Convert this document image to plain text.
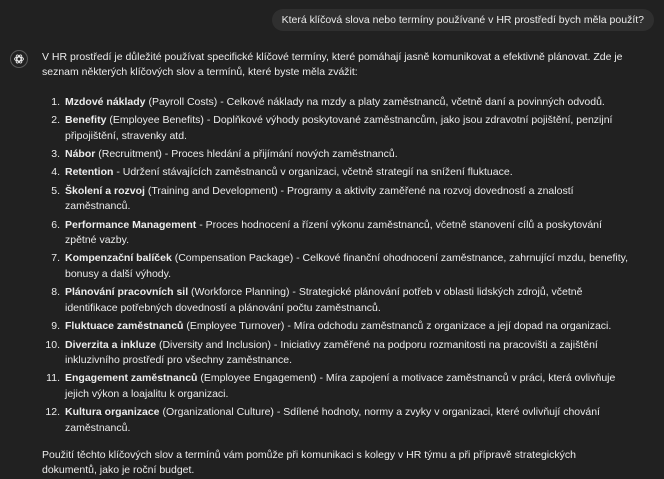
Která klíčová slova nebo termíny používané v HR prostředí bych měla použít?

V HR prostředí je důležité používat specifické klíčové termíny, které pomáhají jasně komunikovat a efektivně plánovat. Zde je seznam některých klíčových slov a termínů, které byste měla zvážit:

1. Mzdové náklady (Payroll Costs) - Celkové náklady na mzdy a platy zaměstnanců, včetně daní a povinných odvodů.
2. Benefity (Employee Benefits) - Doplňkové výhody poskytované zaměstnancům, jako jsou zdravotní pojištění, penzijní připojištění, stravenky atd.
3. Nábor (Recruitment) - Proces hledání a přijímání nových zaměstnanců.
4. Retention - Udržení stávajících zaměstnanců v organizaci, včetně strategií na snížení fluktuace.
5. Školení a rozvoj (Training and Development) - Programy a aktivity zaměřené na rozvoj dovedností a znalostí zaměstnanců.
6. Performance Management - Proces hodnocení a řízení výkonu zaměstnanců, včetně stanovení cílů a poskytování zpětné vazby.
7. Kompenzační balíček (Compensation Package) - Celkové finanční ohodnocení zaměstnance, zahrnující mzdu, benefity, bonusy a další výhody.
8. Plánování pracovních sil (Workforce Planning) - Strategické plánování potřeb v oblasti lidských zdrojů, včetně identifikace potřebných dovedností a plánování počtu zaměstnanců.
9. Fluktuace zaměstnanců (Employee Turnover) - Míra odchodu zaměstnanců z organizace a její dopad na organizaci.
10. Diverzita a inkluze (Diversity and Inclusion) - Iniciativy zaměřené na podporu rozmanitosti na pracovišti a zajištění inkluzivního prostředí pro všechny zaměstnance.
11. Engagement zaměstnanců (Employee Engagement) - Míra zapojení a motivace zaměstnanců v práci, která ovlivňuje jejich výkon a loajalitu k organizaci.
12. Kultura organizace (Organizational Culture) - Sdílené hodnoty, normy a zvyky v organizaci, které ovlivňují chování zaměstnanců.

Použití těchto klíčových slov a termínů vám pomůže při komunikaci s kolegy v HR týmu a při přípravě strategických dokumentů, jako je roční budget.
